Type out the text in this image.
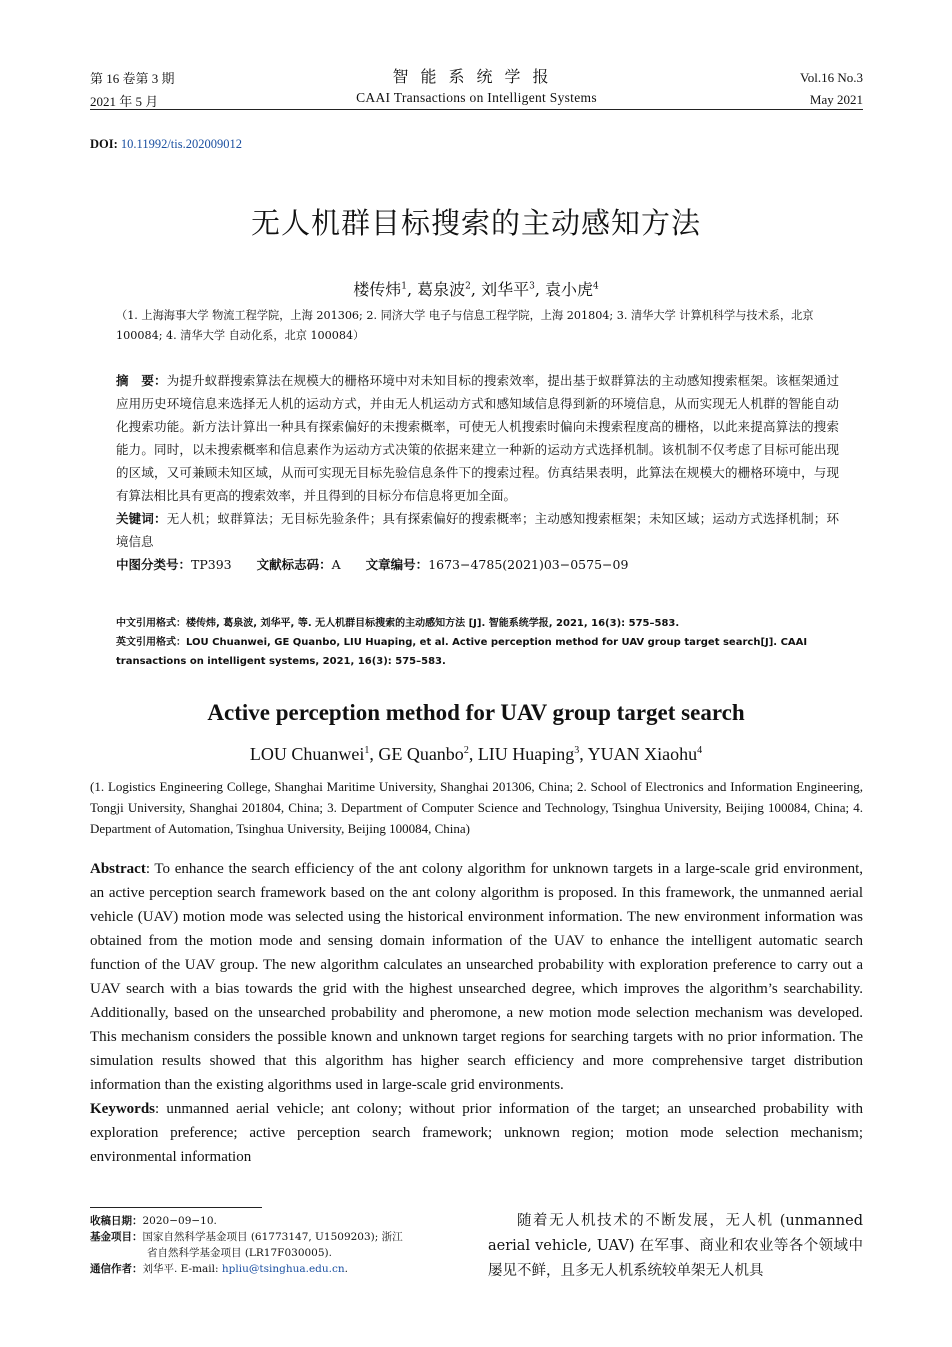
第 16 卷第 3 期
2021 年 5 月
智能系统学报
CAAI Transactions on Intelligent Systems
Vol.16 No.3
May 2021
DOI: 10.11992/tis.202009012
无人机群目标搜索的主动感知方法
楼传炜$^1$, 葛泉波$^2$, 刘华平$^3$, 袁小虎$^4$
（1. 上海海事大学 物流工程学院，上海 201306; 2. 同济大学 电子与信息工程学院，上海 201804; 3. 清华大学 计算机科学与技术系，北京 100084; 4. 清华大学 自动化系，北京 100084）

摘　要：为提升蚁群搜索算法在规模大的栅格环境中对未知目标的搜索效率，提出基于蚁群算法的主动感知搜索框架。该框架通过应用历史环境信息来选择无人机的运动方式，并由无人机运动方式和感知域信息得到新的环境信息，从而实现无人机群的智能自动化搜索功能。新方法计算出一种具有探索偏好的未搜索概率，可使无人机搜索时偏向未搜索程度高的栅格，以此来提高算法的搜索能力。同时，以未搜索概率和信息素作为运动方式决策的依据来建立一种新的运动方式选择机制。该机制不仅考虑了目标可能出现的区域，又可兼顾未知区域，从而可实现无目标先验信息条件下的搜索过程。仿真结果表明，此算法在规模大的栅格环境中，与现有算法相比具有更高的搜索效率，并且得到的目标分布信息将更加全面。

关键词：无人机；蚁群算法；无目标先验条件；具有探索偏好的搜索概率；主动感知搜索框架；未知区域；运动方式选择机制；环境信息

中图分类号：TP393   文献标志码：A   文章编号：1673−4785(2021)03−0575−09

中文引用格式：楼传炜, 葛泉波, 刘华平, 等. 无人机群目标搜索的主动感知方法 [J]. 智能系统学报, 2021, 16(3): 575–583.

英文引用格式：LOU Chuanwei, GE Quanbo, LIU Huaping, et al. Active perception method for UAV group target search[J]. CAAI transactions on intelligent systems, 2021, 16(3): 575–583.

Active perception method for UAV group target search
LOU Chuanwei$^1$, GE Quanbo$^2$, LIU Huaping$^3$, YUAN Xiaohu$^4$
(1. Logistics Engineering College, Shanghai Maritime University, Shanghai 201306, China; 2. School of Electronics and Information Engineering, Tongji University, Shanghai 201804, China; 3. Department of Computer Science and Technology, Tsinghua University, Beijing 100084, China; 4. Department of Automation, Tsinghua University, Beijing 100084, China)

Abstract: To enhance the search efficiency of the ant colony algorithm for unknown targets in a large-scale grid environment, an active perception search framework based on the ant colony algorithm is proposed. In this framework, the unmanned aerial vehicle (UAV) motion mode was selected using the historical environment information. The new environment information was obtained from the motion mode and sensing domain information of the UAV to enhance the intelligent automatic search function of the UAV group. The new algorithm calculates an unsearched probability with exploration preference to carry out a UAV search with a bias towards the grid with the highest unsearched degree, which improves the algorithm’s searchability. Additionally, based on the unsearched probability and pheromone, a new motion mode selection mechanism was developed. This mechanism considers the possible known and unknown target regions for searching targets with no prior information. The simulation results showed that this algorithm has higher search efficiency and more comprehensive target distribution information than the existing algorithms used in large-scale grid environments.

Keywords: unmanned aerial vehicle; ant colony; without prior information of the target; an unsearched probability with exploration preference; active perception search framework; unknown region; motion mode selection mechanism; environmental information

收稿日期：2020−09−10.

基金项目：国家自然科学基金项目 (61773147, U1509203); 浙江

省自然科学基金项目 (LR17F030005).

通信作者：刘华平. E-mail: hpliu@tsinghua.edu.cn.

随着无人机技术的不断发展，无人机 (unmanned aerial vehicle, UAV) 在军事、商业和农业等各个领域中屡见不鲜，且多无人机系统较单架无人机具
